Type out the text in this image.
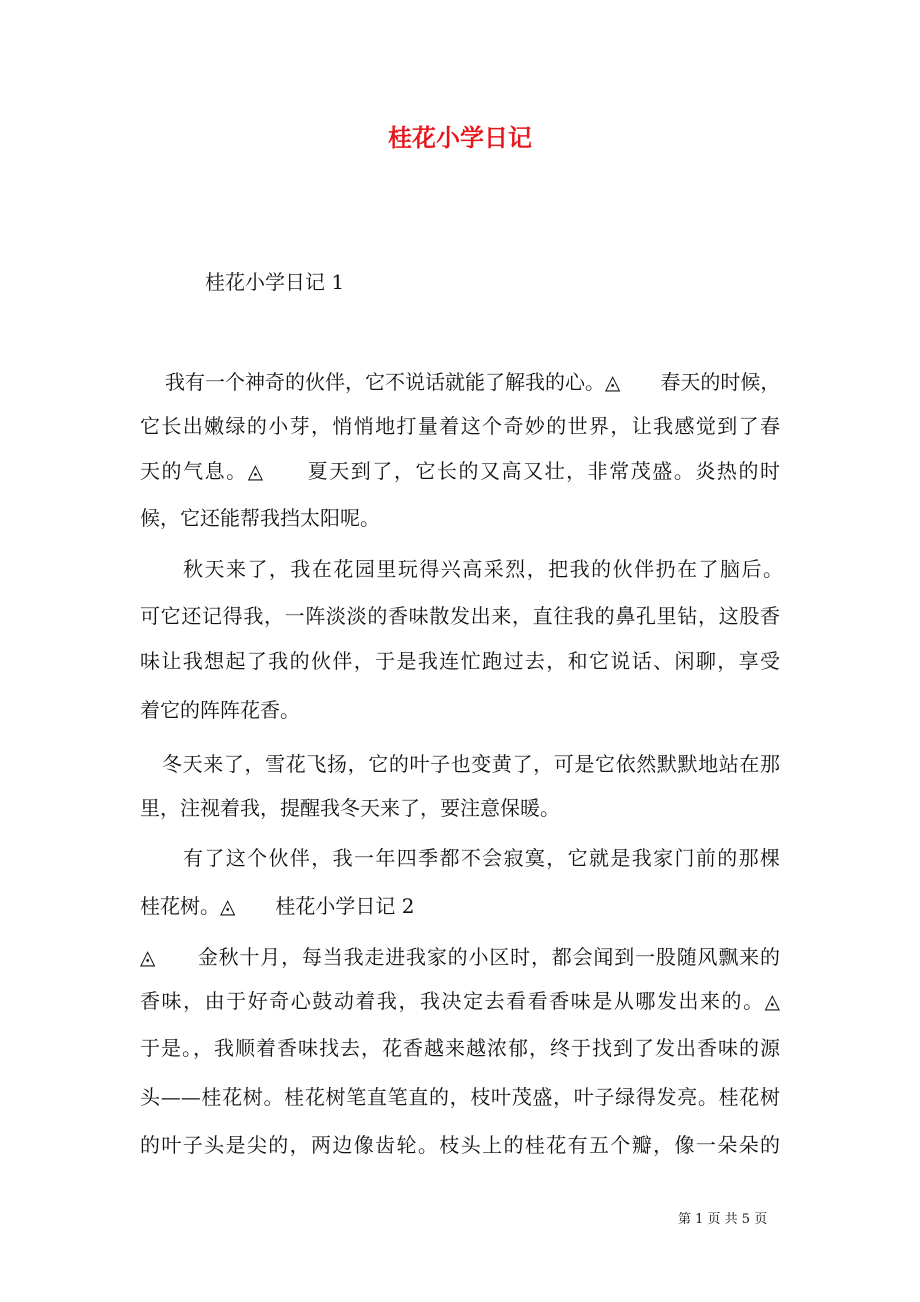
桂花小学日记
桂花小学日记 1
我有一个神奇的伙伴，它不说话就能了解我的心。◬　　春天的时候，
它长出嫩绿的小芽，悄悄地打量着这个奇妙的世界，让我感觉到了春
天的气息。◬　　夏天到了，它长的又高又壮，非常茂盛。炎热的时
候，它还能帮我挡太阳呢。
秋天来了，我在花园里玩得兴高采烈，把我的伙伴扔在了脑后。
可它还记得我，一阵淡淡的香味散发出来，直往我的鼻孔里钻，这股香
味让我想起了我的伙伴，于是我连忙跑过去，和它说话、闲聊，享受
着它的阵阵花香。
冬天来了，雪花飞扬，它的叶子也变黄了，可是它依然默默地站在那
里，注视着我，提醒我冬天来了，要注意保暖。
有了这个伙伴，我一年四季都不会寂寞，它就是我家门前的那棵
桂花树。◬　　桂花小学日记 2
◬　　金秋十月，每当我走进我家的小区时，都会闻到一股随风飘来的
香味，由于好奇心鼓动着我，我决定去看看香味是从哪发出来的。◬
于是。，我顺着香味找去，花香越来越浓郁，终于找到了发出香味的源
头——桂花树。桂花树笔直笔直的，枝叶茂盛，叶子绿得发亮。桂花树
的叶子头是尖的，两边像齿轮。枝头上的桂花有五个瓣，像一朵朵的
第 1 页 共 5 页
